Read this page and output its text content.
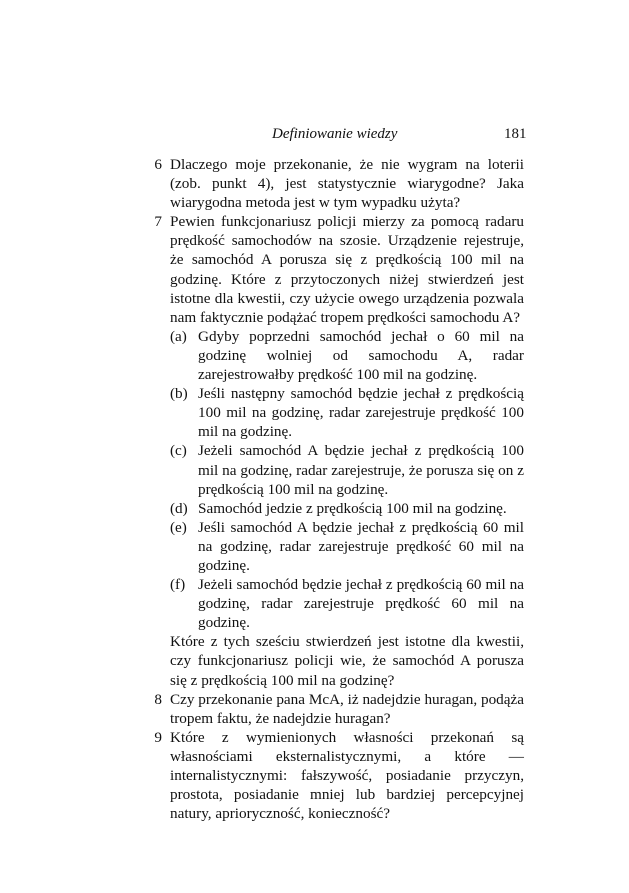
Definiowanie wiedzy	181
6 Dlaczego moje przekonanie, że nie wygram na loterii (zob. punkt 4), jest statystycznie wiarygodne? Jaka wiarygodna metoda jest w tym wypadku użyta?
7 Pewien funkcjonariusz policji mierzy za pomocą radaru prędkość samochodów na szosie. Urządzenie rejestruje, że samochód A porusza się z prędkością 100 mil na godzinę. Które z przytoczonych niżej stwierdzeń jest istotne dla kwestii, czy użycie owego urządzenia pozwala nam faktycznie podążać tropem prędkości samochodu A?
(a) Gdyby poprzedni samochód jechał o 60 mil na godzinę wolniej od samochodu A, radar zarejestrowałby prędkość 100 mil na godzinę.
(b) Jeśli następny samochód będzie jechał z prędkością 100 mil na godzinę, radar zarejestruje prędkość 100 mil na godzinę.
(c) Jeżeli samochód A będzie jechał z prędkością 100 mil na godzinę, radar zarejestruje, że porusza się on z prędkością 100 mil na godzinę.
(d) Samochód jedzie z prędkością 100 mil na godzinę.
(e) Jeśli samochód A będzie jechał z prędkością 60 mil na godzinę, radar zarejestruje prędkość 60 mil na godzinę.
(f) Jeżeli samochód będzie jechał z prędkością 60 mil na godzinę, radar zarejestruje prędkość 60 mil na godzinę.
Które z tych sześciu stwierdzeń jest istotne dla kwestii, czy funkcjonariusz policji wie, że samochód A porusza się z prędkością 100 mil na godzinę?
8 Czy przekonanie pana McA, iż nadejdzie huragan, podąża tropem faktu, że nadejdzie huragan?
9 Które z wymienionych własności przekonań są własnościami eksternalistycznymi, a które — internalistycznymi: fałszywość, posiadanie przyczyn, prostota, posiadanie mniej lub bardziej percepcyjnej natury, aprioryczność, konieczność?
